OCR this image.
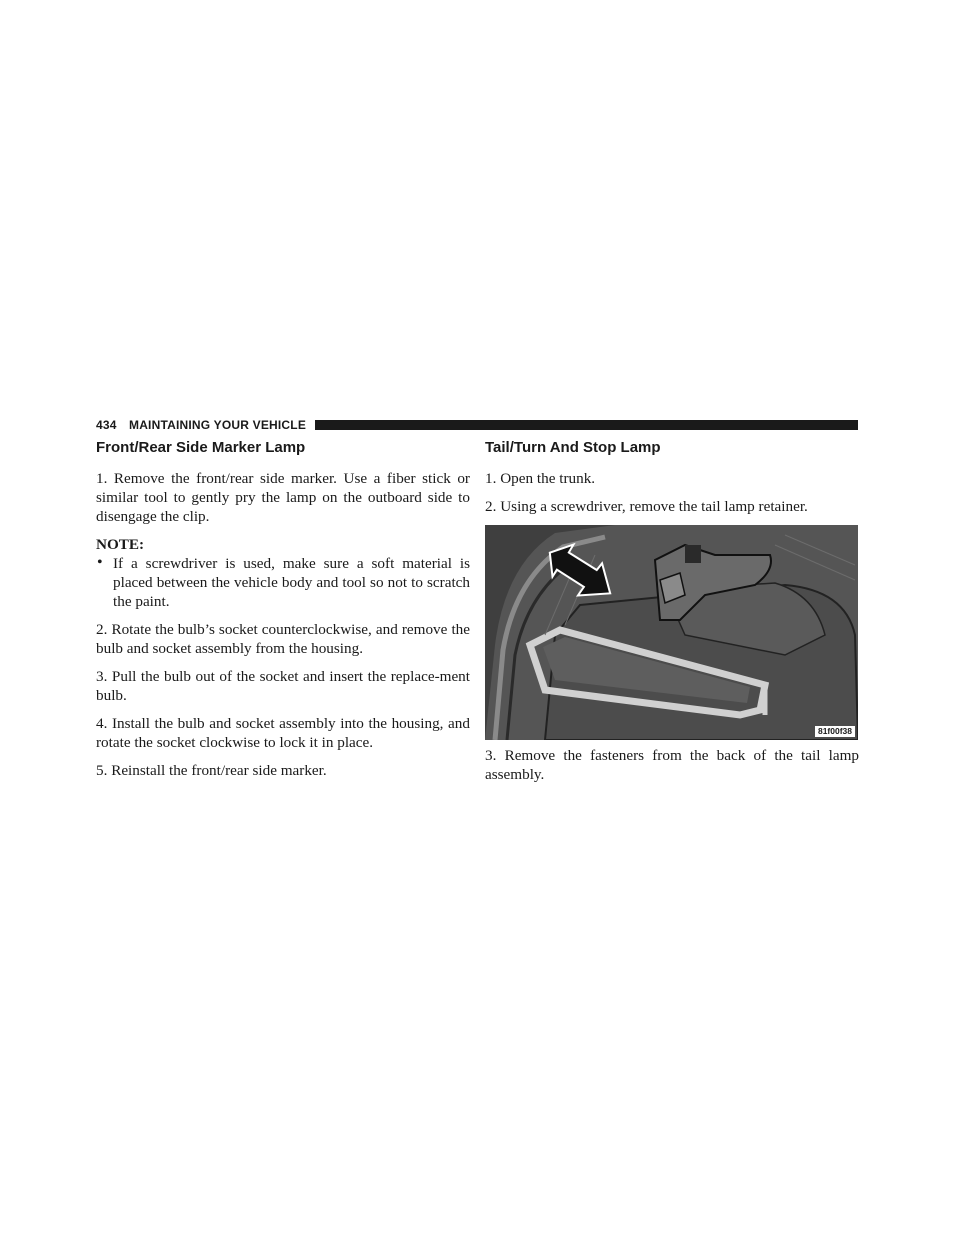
434 MAINTAINING YOUR VEHICLE
Front/Rear Side Marker Lamp

1. Remove the front/rear side marker. Use a fiber stick or similar tool to gently pry the lamp on the outboard side to disengage the clip.

NOTE:

• If a screwdriver is used, make sure a soft material is placed between the vehicle body and tool so not to scratch the paint.

2. Rotate the bulb’s socket counterclockwise, and remove the bulb and socket assembly from the housing.

3. Pull the bulb out of the socket and insert the replace-ment bulb.

4. Install the bulb and socket assembly into the housing, and rotate the socket clockwise to lock it in place.

5. Reinstall the front/rear side marker.

Tail/Turn And Stop Lamp

1. Open the trunk.

2. Using a screwdriver, remove the tail lamp retainer.

81f00f38

3. Remove the fasteners from the back of the tail lamp assembly.
